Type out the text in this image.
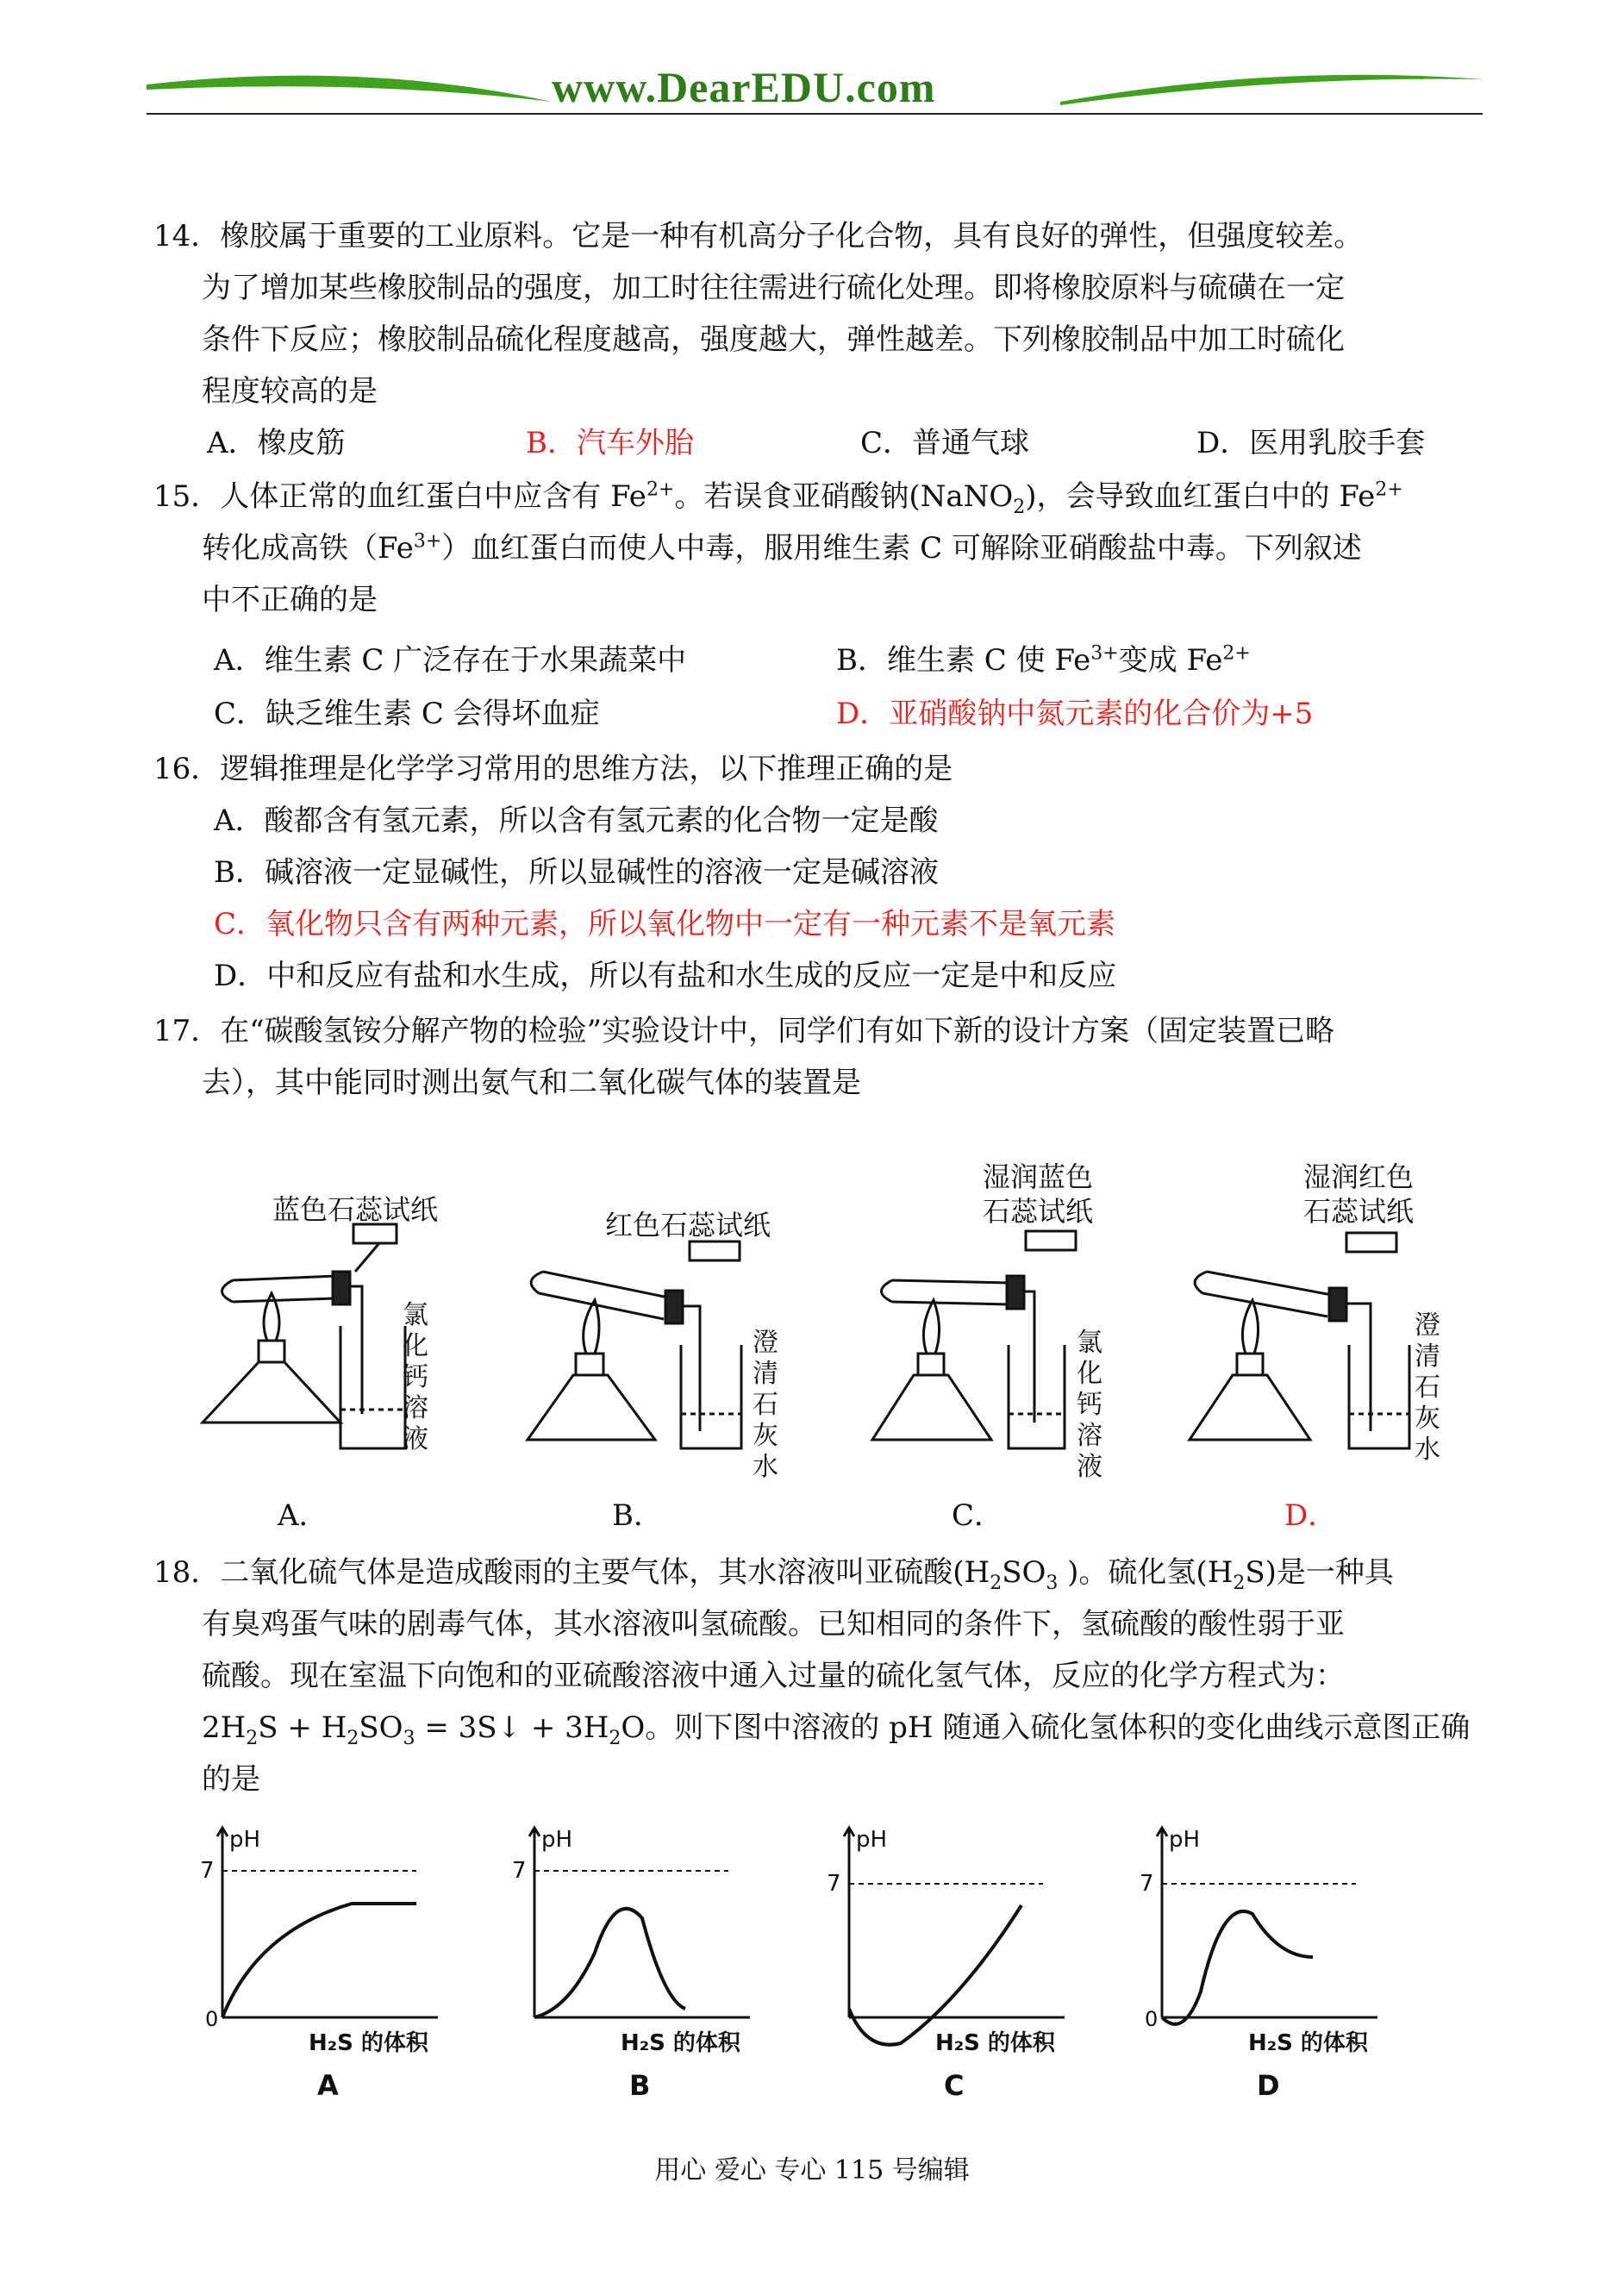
www.DearEDU.com
14．橡胶属于重要的工业原料。它是一种有机高分子化合物，具有良好的弹性，但强度较差。
为了增加某些橡胶制品的强度，加工时往往需进行硫化处理。即将橡胶原料与硫磺在一定
条件下反应；橡胶制品硫化程度越高，强度越大，弹性越差。下列橡胶制品中加工时硫化
程度较高的是
A．橡皮筋	B．汽车外胎	C．普通气球	D．医用乳胶手套
15．人体正常的血红蛋白中应含有 $Fe^{2+}$。若误食亚硝酸钠(NaNO$_2$)，会导致血红蛋白中的 $Fe^{2+}$
转化成高铁$(Fe^{3+})$血红蛋白而使人中毒，服用维生素 C 可解除亚硝酸盐中毒。下列叙述
中不正确的是
A．维生素 C 广泛存在于水果蔬菜中	B．维生素 C 使 $Fe^{3+}$变成 $Fe^{2+}$
C．缺乏维生素 C 会得坏血症	D．亚硝酸钠中氮元素的化合价为+5
16．逻辑推理是化学学习常用的思维方法，以下推理正确的是
A．酸都含有氢元素，所以含有氢元素的化合物一定是酸
B．碱溶液一定显碱性，所以显碱性的溶液一定是碱溶液
C．氧化物只含有两种元素，所以氧化物中一定有一种元素不是氧元素
D．中和反应有盐和水生成，所以有盐和水生成的反应一定是中和反应
17．在“碳酸氢铵分解产物的检验”实验设计中，同学们有如下新的设计方案（固定装置已略
去），其中能同时测出氨气和二氧化碳气体的装置是
蓝色石蕊试纸	红色石蕊试纸
湿润蓝色
石蕊试纸
湿润红色
石蕊试纸
氯化钙溶液
澄清石灰水
氯化钙溶液
澄清石灰水
A．	B．	C．	D．
18．二氧化硫气体是造成酸雨的主要气体，其水溶液叫亚硫酸($H_2SO_3$ )。硫化氢$(H_2S)$是一种具
有臭鸡蛋气味的剧毒气体，其水溶液叫氢硫酸。已知相同的条件下，氢硫酸的酸性弱于亚
硫酸。现在室温下向饱和的亚硫酸溶液中通入过量的硫化氢气体，反应的化学方程式为：
$2H_2S + H_2SO_3$ = 3S↓ + $3H_2O$。则下图中溶液的 pH 随通入硫化氢体积的变化曲线示意图正确
的是
pH
7
0
H₂S 的体积
A
pH
7
H₂S 的体积
B
pH
7
H₂S 的体积
C
pH
7
0
H₂S 的体积
D
用心 爱心 专心 115 号编辑
